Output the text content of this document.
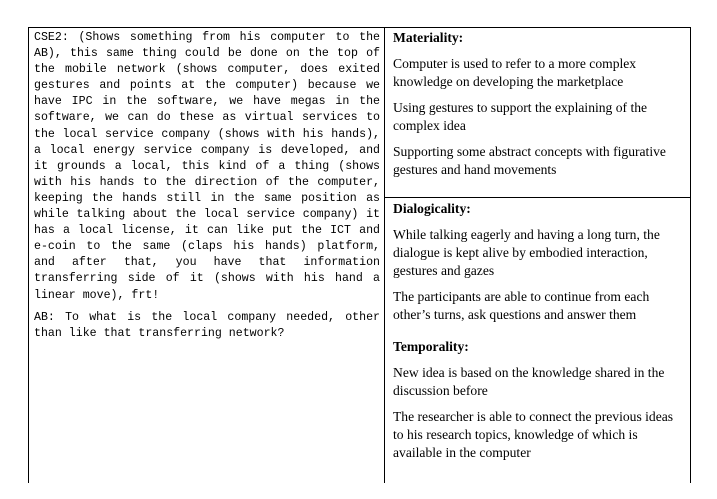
CSE2: (Shows something from his computer to the AB), this same thing could be done on the top of the mobile network (shows computer, does exited gestures and points at the computer) because we have IPC in the software, we have megas in the software, we can do these as virtual services to the local service company (shows with his hands), a local energy service company is developed, and it grounds a local, this kind of a thing (shows with his hands to the direction of the computer, keeping the hands still in the same position as while talking about the local service company) it has a local license, it can like put the ICT and e-coin to the same (claps his hands) platform, and after that, you have that information transferring side of it (shows with his hand a linear move), frt!

AB: To what is the local company needed, other than like that transferring network?

Materiality:
Computer is used to refer to a more complex knowledge on developing the marketplace
Using gestures to support the explaining of the complex idea
Supporting some abstract concepts with figurative gestures and hand movements
Dialogicality:
While talking eagerly and having a long turn, the dialogue is kept alive by embodied interaction, gestures and gazes
The participants are able to continue from each other’s turns, ask questions and answer them
Temporality:
New idea is based on the knowledge shared in the discussion before
The researcher is able to connect the previous ideas to his research topics, knowledge of which is available in the computer
